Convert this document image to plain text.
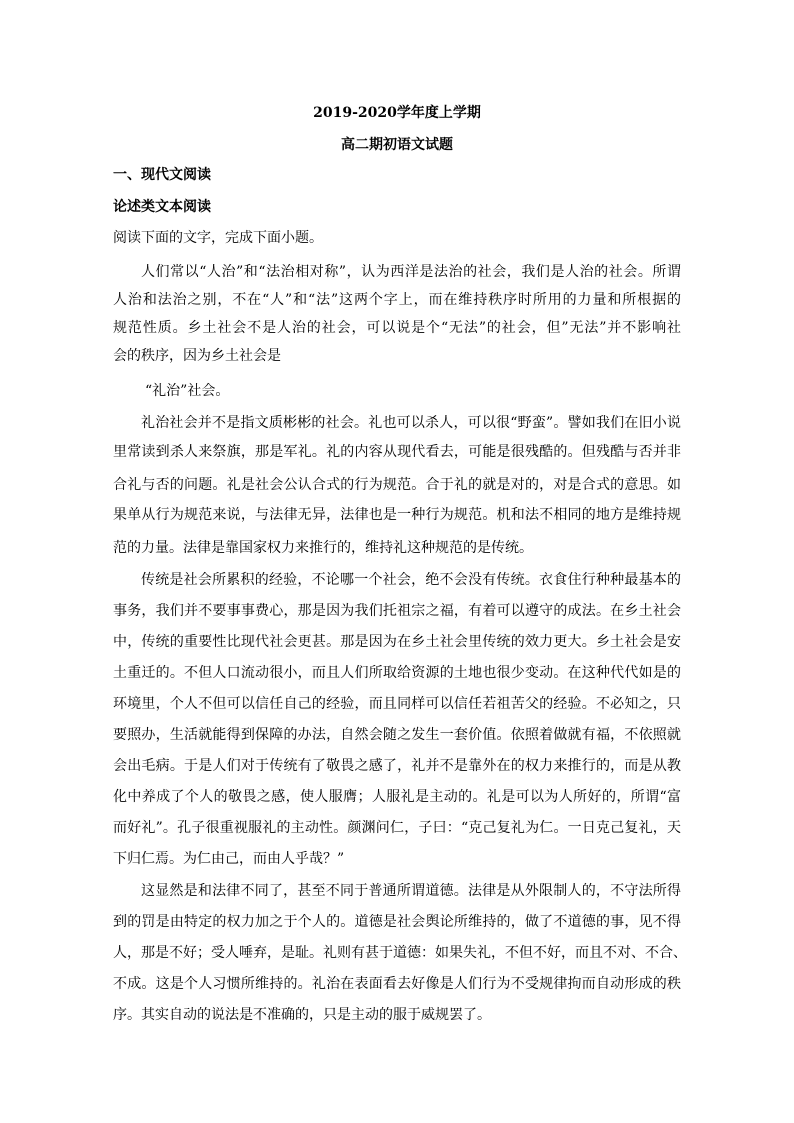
2019-2020学年度上学期
高二期初语文试题
一、现代文阅读
论述类文本阅读
阅读下面的文字，完成下面小题。
人们常以“人治”和“法治相对称”，认为西洋是法治的社会，我们是人治的社会。所谓
人治和法治之别，不在“人”和“法”这两个字上，而在维持秩序时所用的力量和所根据的
规范性质。乡土社会不是人治的社会，可以说是个“无法”的社会，但”无法”并不影响社
会的秩序，因为乡土社会是
“礼治”社会。
礼治社会并不是指文质彬彬的社会。礼也可以杀人，可以很“野蛮”。譬如我们在旧小说
里常读到杀人来祭旗，那是军礼。礼的内容从现代看去，可能是很残酷的。但残酷与否并非
合礼与否的问题。礼是社会公认合式的行为规范。合于礼的就是对的，对是合式的意思。如
果单从行为规范来说，与法律无异，法律也是一种行为规范。机和法不相同的地方是维持规
范的力量。法律是靠国家权力来推行的，维持礼这种规范的是传统。
传统是社会所累积的经验，不论哪一个社会，绝不会没有传统。衣食住行种种最基本的
事务，我们并不要事事费心，那是因为我们托祖宗之福，有着可以遵守的成法。在乡土社会
中，传统的重要性比现代社会更甚。那是因为在乡土社会里传统的效力更大。乡土社会是安
土重迁的。不但人口流动很小，而且人们所取给资源的土地也很少变动。在这种代代如是的
环境里，个人不但可以信任自己的经验，而且同样可以信任若祖苦父的经验。不必知之，只
要照办，生活就能得到保障的办法，自然会随之发生一套价值。依照着做就有福，不依照就
会出毛病。于是人们对于传统有了敬畏之感了，礼并不是靠外在的权力来推行的，而是从教
化中养成了个人的敬畏之感，使人服膺；人服礼是主动的。礼是可以为人所好的，所谓“富
而好礼”。孔子很重视服礼的主动性。颜渊问仁，子曰：“克己复礼为仁。一日克己复礼，天
下归仁焉。为仁由己，而由人乎哉？”
这显然是和法律不同了，甚至不同于普通所谓道德。法律是从外限制人的，不守法所得
到的罚是由特定的权力加之于个人的。道德是社会舆论所维持的，做了不道德的事，见不得
人，那是不好；受人唾弃，是耻。礼则有甚于道德：如果失礼，不但不好，而且不对、不合、
不成。这是个人习惯所维持的。礼治在表面看去好像是人们行为不受规律拘而自动形成的秩
序。其实自动的说法是不准确的，只是主动的服于威规罢了。
